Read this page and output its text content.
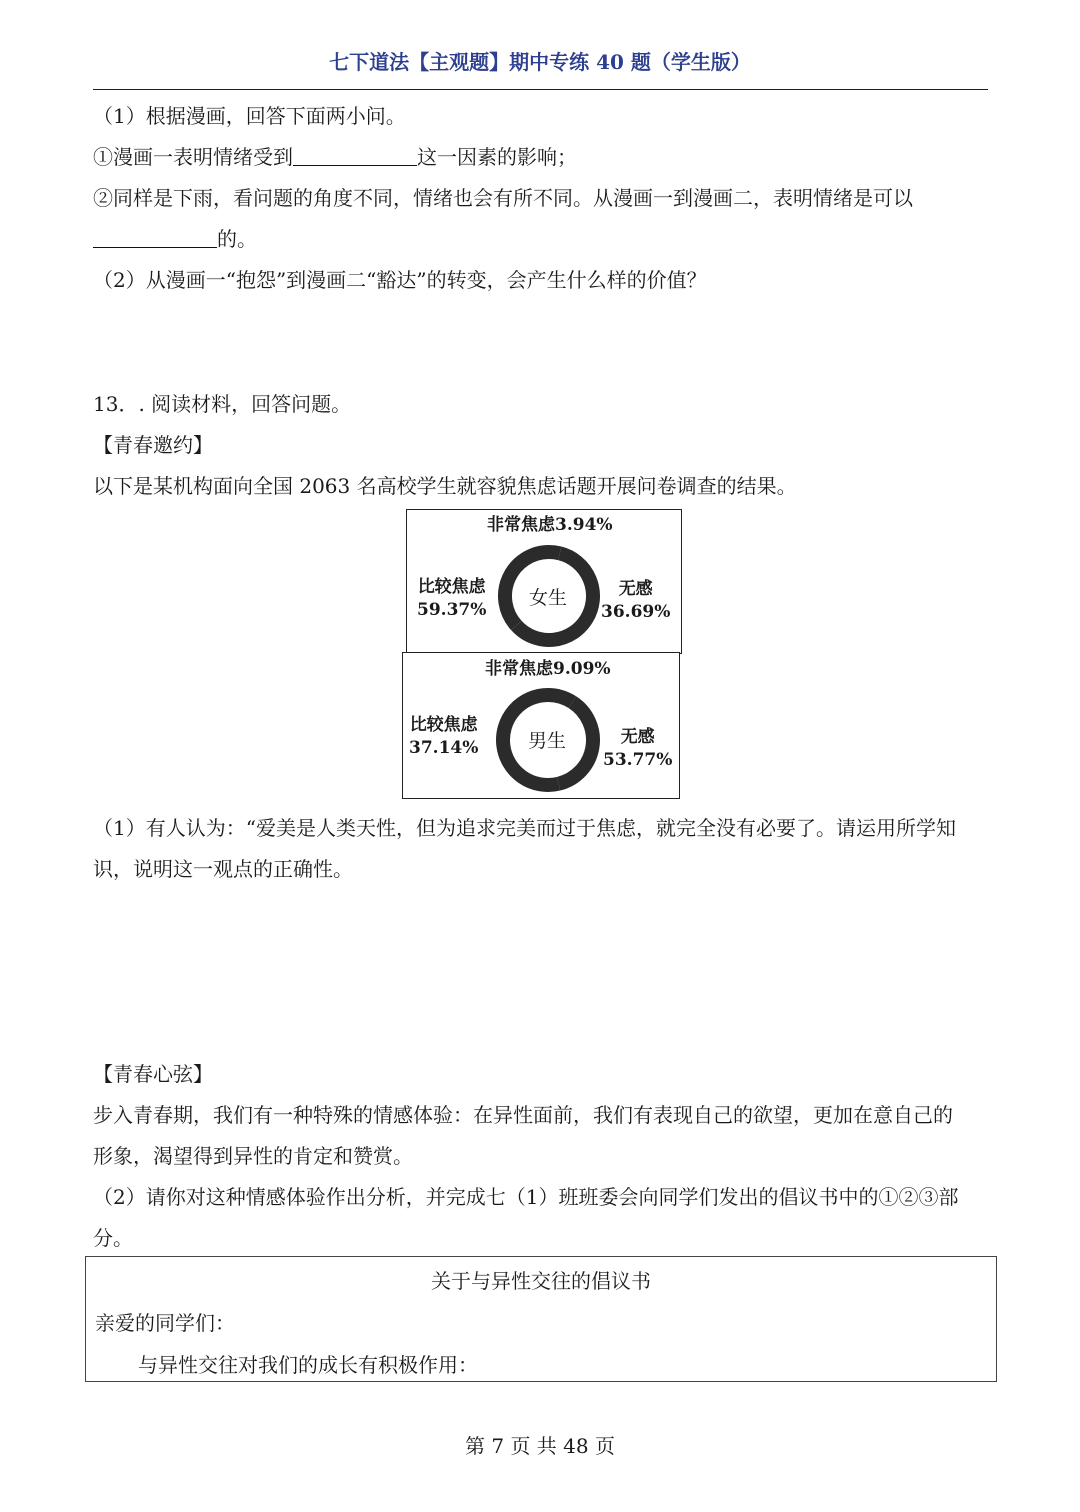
七下道法【主观题】期中专练 40 题（学生版）
（1）根据漫画，回答下面两小问。
①漫画一表明情绪受到	这一因素的影响；
②同样是下雨，看问题的角度不同，情绪也会有所不同。从漫画一到漫画二，表明情绪是可以
的。
（2）从漫画一“抱怨”到漫画二“豁达”的转变，会产生什么样的价值？
13．. 阅读材料，回答问题。
【青春邀约】
以下是某机构面向全国 2063 名高校学生就容貌焦虑话题开展问卷调查的结果。
非常焦虑3.94%
比较焦虑
59.37%
无感
36.69%
女生
非常焦虑9.09%
比较焦虑
37.14%
无感
53.77%
男生
（1）有人认为：“爱美是人类天性，但为追求完美而过于焦虑，就完全没有必要了。请运用所学知
识，说明这一观点的正确性。
【青春心弦】
步入青春期，我们有一种特殊的情感体验：在异性面前，我们有表现自己的欲望，更加在意自己的
形象，渴望得到异性的肯定和赞赏。
（2）请你对这种情感体验作出分析，并完成七（1）班班委会向同学们发出的倡议书中的①②③部
分。
关于与异性交往的倡议书
亲爱的同学们：
与异性交往对我们的成长有积极作用：
第 7 页 共 48 页
